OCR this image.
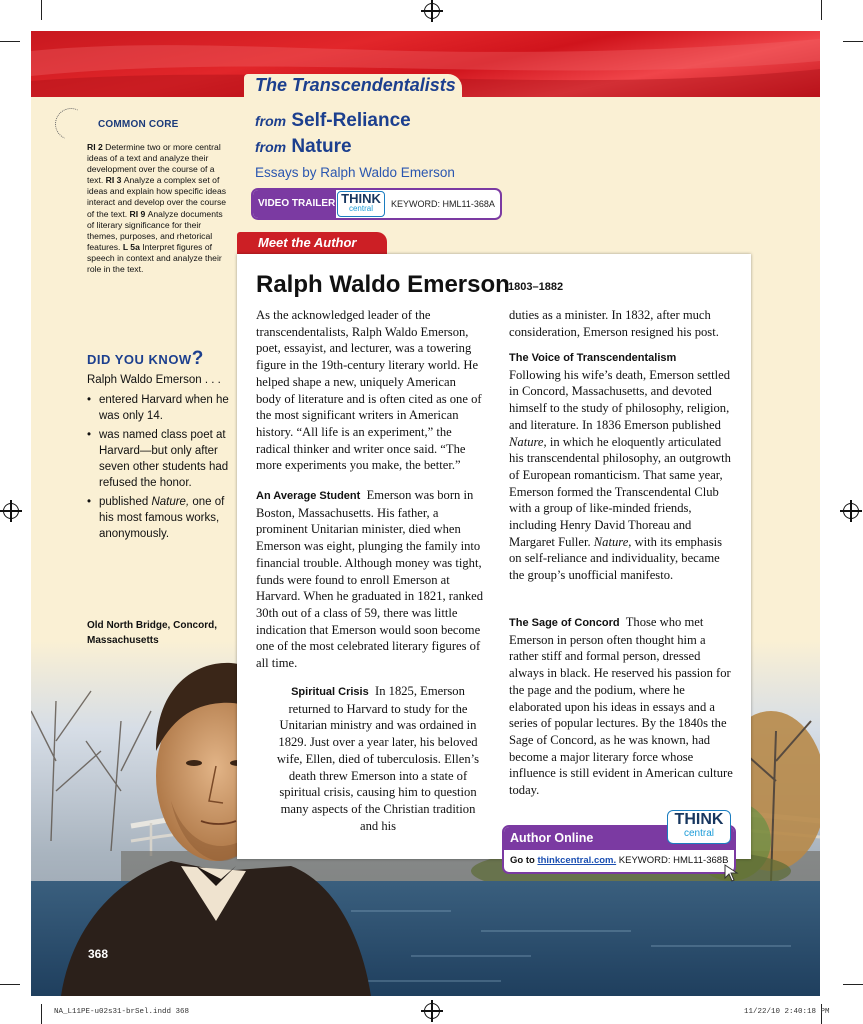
COMMON CORE
RI 2 Determine two or more central ideas of a text and analyze their development over the course of a text. RI 3 Analyze a complex set of ideas and explain how specific ideas interact and develop over the course of the text. RI 9 Analyze documents of literary significance for their themes, purposes, and rhetorical features. L 5a Interpret figures of speech in context and analyze their role in the text.
DID YOU KNOW?
Ralph Waldo Emerson . . .
• entered Harvard when he was only 14.
• was named class poet at Harvard—but only after seven other students had refused the honor.
• published Nature, one of his most famous works, anonymously.
Old North Bridge, Concord, Massachusetts
368
The Transcendentalists
from Self-Reliance
from Nature
Essays by Ralph Waldo Emerson
VIDEO TRAILER THINK
central	KEYWORD: HML11-368A
Meet the Author
Ralph Waldo Emerson
1803–1882

As the acknowledged leader of the transcendentalists, Ralph Waldo Emerson, poet, essayist, and lecturer, was a towering figure in the 19th-century literary world. He helped shape a new, uniquely American body of literature and is often cited as one of the most significant writers in American history. “All life is an experiment,” the radical thinker and writer once said. “The more experiments you make, the better.”

An Average Student Emerson was born in Boston, Massachusetts. His father, a prominent Unitarian minister, died when Emerson was eight, plunging the family into financial trouble. Although money was tight, funds were found to enroll Emerson at Harvard. When he graduated in 1821, ranked 30th out of a class of 59, there was little indication that Emerson would soon become one of the most celebrated literary figures of all time.

Spiritual Crisis In 1825, Emerson returned to Harvard to study for the Unitarian ministry and was ordained in 1829. Just over a year later, his beloved wife, Ellen, died of tuberculosis. Ellen’s death threw Emerson into a state of spiritual crisis, causing him to question many aspects of the Christian tradition and his

duties as a minister. In 1832, after much consideration, Emerson resigned his post.

The Voice of Transcendentalism  Following his wife’s death, Emerson settled in Concord, Massachusetts, and devoted himself to the study of philosophy, religion, and literature. In 1836 Emerson published Nature, in which he eloquently articulated his transcendental philosophy, an outgrowth of European romanticism. That same year, Emerson formed the Transcendental Club with a group of like-minded friends, including Henry David Thoreau and Margaret Fuller. Nature, with its emphasis on self-reliance and individuality, became the group’s unofficial manifesto.

The Sage of Concord Those who met Emerson in person often thought him a rather stiff and formal person, dressed always in black. He reserved his passion for the page and the podium, where he elaborated upon his ideas in essays and a series of popular lectures. By the 1840s the Sage of Concord, as he was known, had become a major literary force whose influence is still evident in American culture today.

Author Online
Go to thinkcentral.com. KEYWORD: HML11-368B
THINK
central
NA_L11PE-u02s31-brSel.indd 368	11/22/10 2:40:18 PM
